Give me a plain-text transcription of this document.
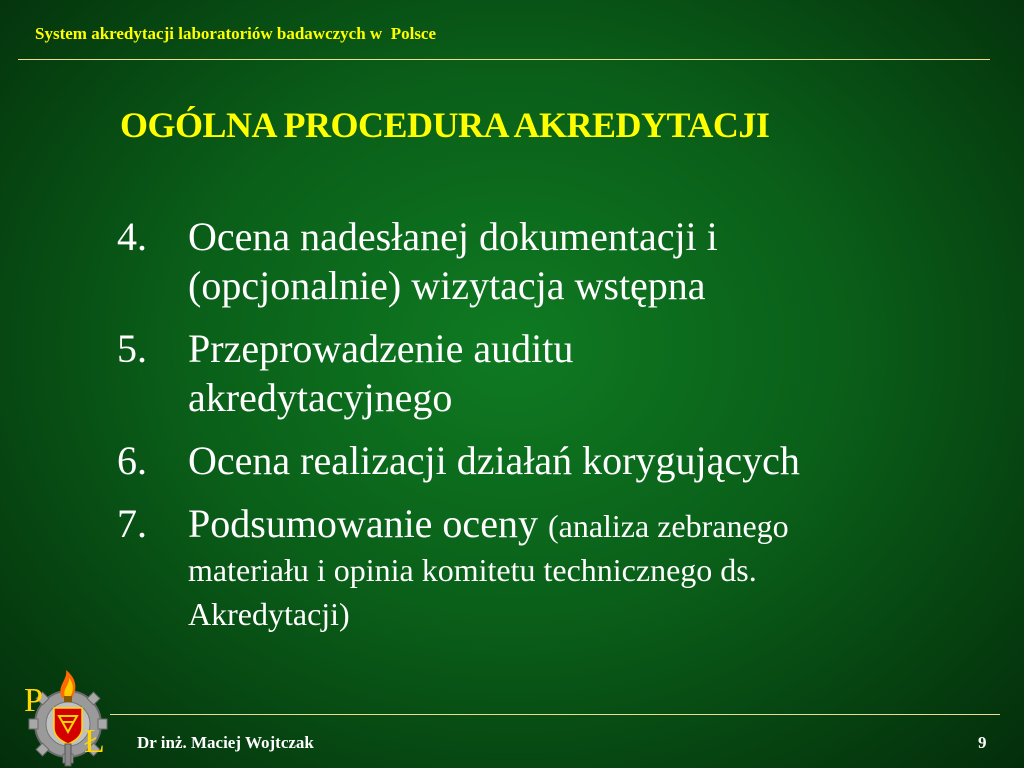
System akredytacji laboratoriów badawczych w  Polsce
OGÓLNA PROCEDURA AKREDYTACJI
4. Ocena nadesłanej dokumentacji i
(opcjonalnie) wizytacja wstępna
5. Przeprowadzenie auditu
akredytacyjnego
6. Ocena realizacji działań korygujących
7. Podsumowanie oceny (analiza zebranego
materiału i opinia komitetu technicznego ds.
Akredytacji)
Dr inż. Maciej Wojtczak	9
P
Ł
